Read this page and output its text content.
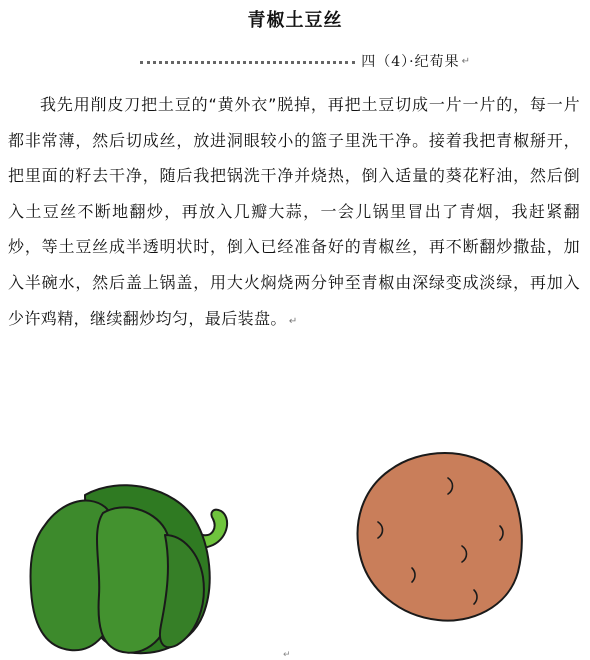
青椒土豆丝
四（4）·纪荀果 ↵

我先用削皮刀把土豆的“黄外衣”脱掉，再把土豆切成一片一片的，每一片都非常薄，然后切成丝，放进洞眼较小的篮子里洗干净。接着我把青椒掰开，把里面的籽去干净，随后我把锅洗干净并烧热，倒入适量的葵花籽油，然后倒入土豆丝不断地翻炒，再放入几瓣大蒜，一会儿锅里冒出了青烟，我赶紧翻炒，等土豆丝成半透明状时，倒入已经准备好的青椒丝，再不断翻炒撒盐，加入半碗水，然后盖上锅盖，用大火焖烧两分钟至青椒由深绿变成淡绿，再加入少许鸡精，继续翻炒均匀，最后装盘。 ↵

↵
